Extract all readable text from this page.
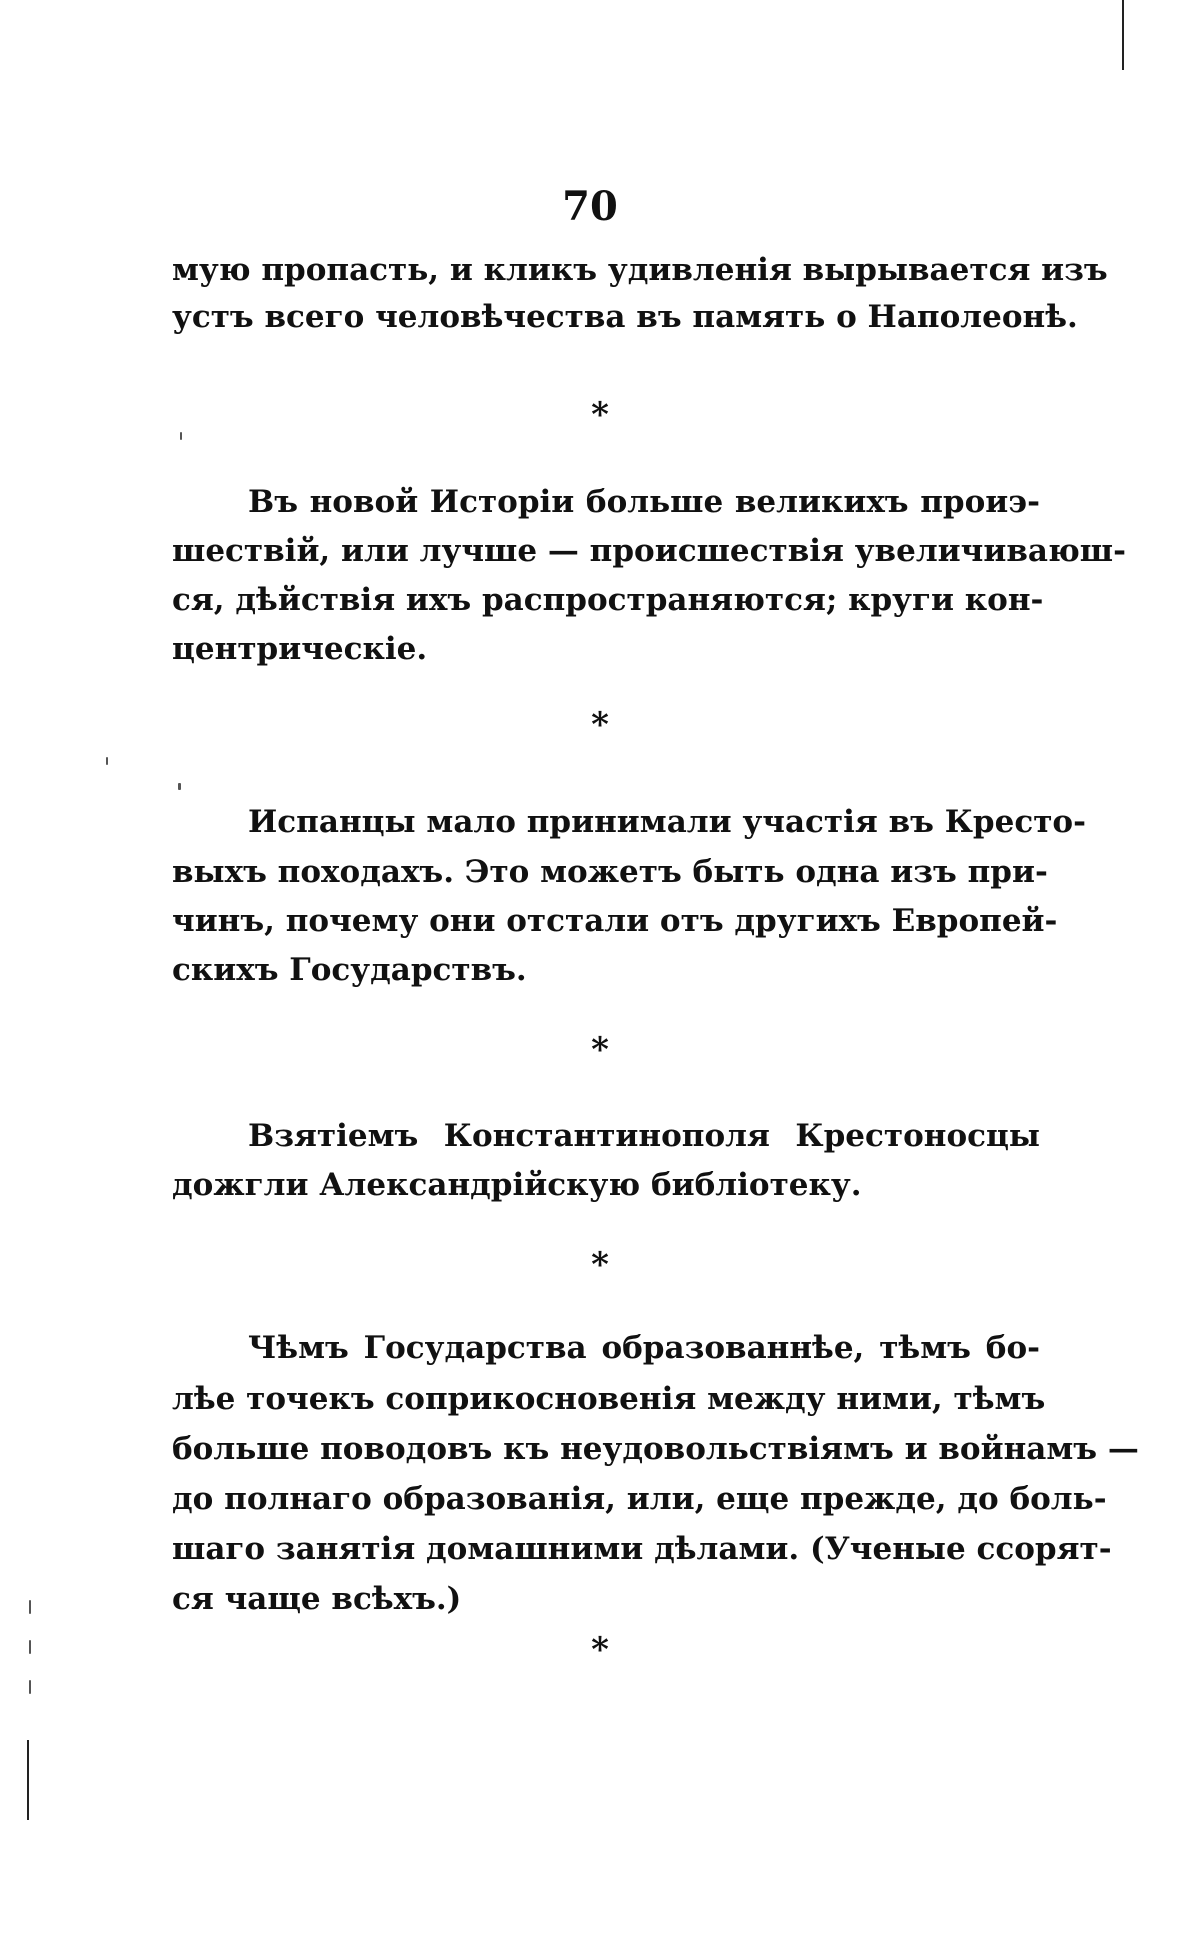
70
мую пропасть, и кликъ удивленія вырывается изъ
устъ всего человѣчества въ память о Наполеонѣ.
*
Въ новой Исторіи больше великихъ проиэ-
шествій, или лучше — происшествія увеличиваюш-
ся, дѣйствія ихъ распространяются; круги кон-
центрическіе.
*
Испанцы мало принимали участія въ Кресто-
выхъ походахъ. Это можетъ быть одна изъ при-
чинъ, почему они отстали отъ другихъ Европей-
скихъ Государствъ.
*
Взятіемъ Константинополя Крестоносцы
дожгли Александрійскую библіотеку.
*
Чѣмъ Государства образованнѣе, тѣмъ бо-
лѣе точекъ соприкосновенія между ними, тѣмъ
больше поводовъ къ неудовольствіямъ и войнамъ —
до полнаго образованія, или, еще прежде, до боль-
шаго занятія домашними дѣлами. (Ученые ссорят-
ся чаще всѣхъ.)
*
